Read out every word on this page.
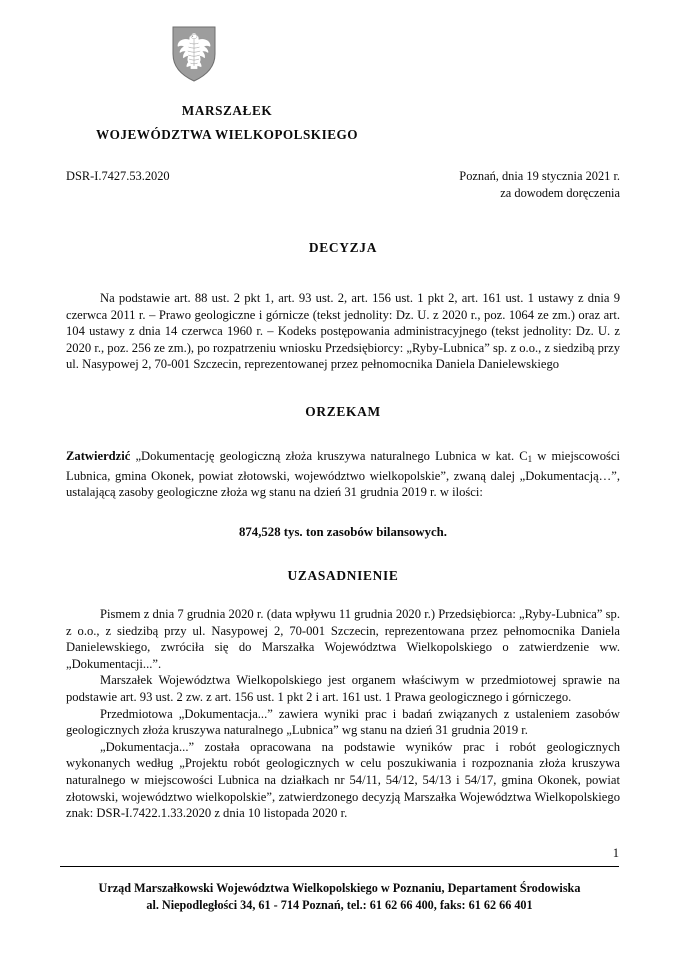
MARSZAŁEK
WOJEWÓDZTWA WIELKOPOLSKIEGO
DSR-I.7427.53.2020	Poznań, dnia 19 stycznia 2021 r.
za dowodem doręczenia
DECYZJA

Na podstawie art. 88 ust. 2 pkt 1, art. 93 ust. 2, art. 156 ust. 1 pkt 2, art. 161 ust. 1 ustawy z dnia 9 czerwca 2011 r. – Prawo geologiczne i górnicze (tekst jednolity: Dz. U. z 2020 r., poz. 1064 ze zm.) oraz art. 104 ustawy z dnia 14 czerwca 1960 r. – Kodeks postępowania administracyjnego (tekst jednolity: Dz. U. z 2020 r., poz. 256 ze zm.), po rozpatrzeniu wniosku Przedsiębiorcy: „Ryby-Lubnica” sp. z o.o., z siedzibą przy ul. Nasypowej 2, 70-001 Szczecin, reprezentowanej przez pełnomocnika Daniela Danielewskiego

ORZEKAM

Zatwierdzić „Dokumentację geologiczną złoża kruszywa naturalnego Lubnica w kat. $C_1$ w miejscowości Lubnica, gmina Okonek, powiat złotowski, województwo wielkopolskie”, zwaną dalej „Dokumentacją…”, ustalającą zasoby geologiczne złoża wg stanu na dzień 31 grudnia 2019 r. w ilości:

874,528 tys. ton zasobów bilansowych.
UZASADNIENIE

Pismem z dnia 7 grudnia 2020 r. (data wpływu 11 grudnia 2020 r.) Przedsiębiorca: „Ryby-Lubnica” sp. z o.o., z siedzibą przy ul. Nasypowej 2, 70-001 Szczecin, reprezentowana przez pełnomocnika Daniela Danielewskiego, zwróciła się do Marszałka Województwa Wielkopolskiego o zatwierdzenie ww. „Dokumentacji...”.

Marszałek Województwa Wielkopolskiego jest organem właściwym w przedmiotowej sprawie na podstawie art. 93 ust. 2 zw. z art. 156 ust. 1 pkt 2 i art. 161 ust. 1 Prawa geologicznego i górniczego.

Przedmiotowa „Dokumentacja...” zawiera wyniki prac i badań związanych z ustaleniem zasobów geologicznych złoża kruszywa naturalnego „Lubnica” wg stanu na dzień 31 grudnia 2019 r.

„Dokumentacja...” została opracowana na podstawie wyników prac i robót geologicznych wykonanych według „Projektu robót geologicznych w celu poszukiwania i rozpoznania złoża kruszywa naturalnego w miejscowości Lubnica na działkach nr 54/11, 54/12, 54/13 i 54/17, gmina Okonek, powiat złotowski, województwo wielkopolskie”, zatwierdzonego decyzją Marszałka Województwa Wielkopolskiego znak: DSR-I.7422.1.33.2020 z dnia 10 listopada 2020 r.

1
Urząd Marszałkowski Województwa Wielkopolskiego w Poznaniu, Departament Środowiska
al. Niepodległości 34, 61 - 714 Poznań, tel.: 61 62 66 400, faks: 61 62 66 401
